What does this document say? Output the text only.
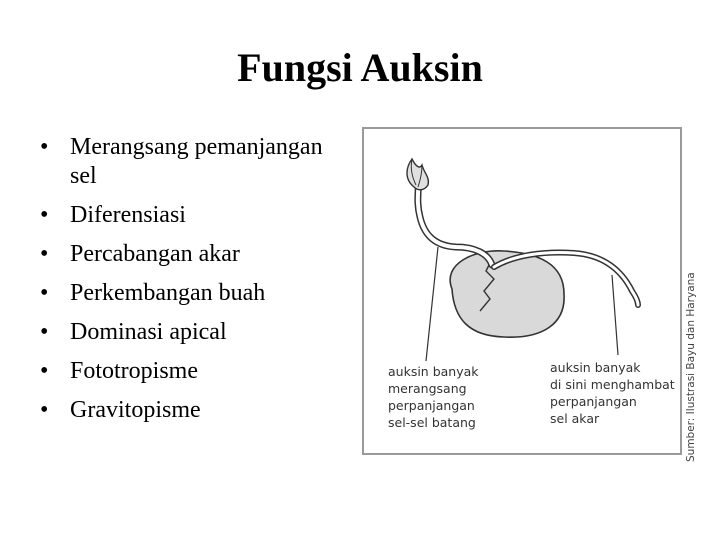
Fungsi Auksin
• Merangsang pemanjangan sel
• Diferensiasi
• Percabangan akar
• Perkembangan buah
• Dominasi apical
• Fototropisme
• Gravitopisme
auksin banyak
merangsang
perpanjangan
sel-sel batang
auksin banyak
di sini menghambat
perpanjangan
sel akar	Sumber: Ilustrasi Bayu dan Haryana
